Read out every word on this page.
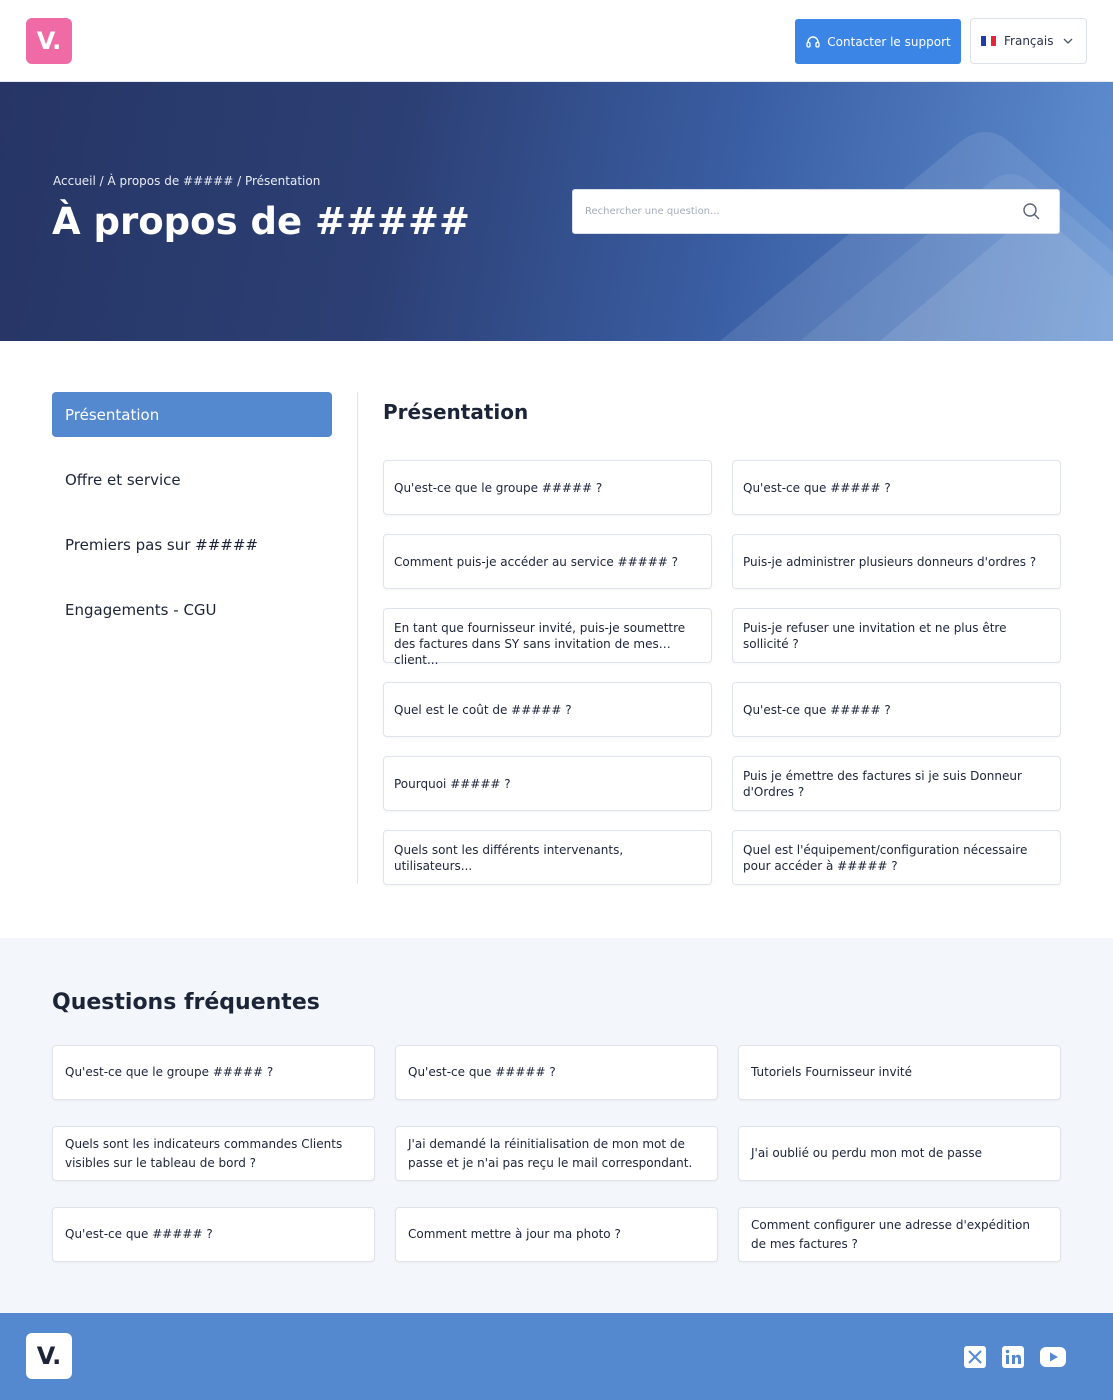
V.	Contacter le support	Français
Accueil / À propos de ##### / Présentation
À propos de #####
Rechercher une question...
Présentation
Offre et service
Premiers pas sur #####
Engagements - CGU
Présentation
Qu'est-ce que le groupe ##### ?	Qu'est-ce que ##### ?
Comment puis-je accéder au service ##### ?	Puis-je administrer plusieurs donneurs d'ordres ?
En tant que fournisseur invité, puis-je soumettre des factures dans SY sans invitation de mes client...
Puis-je refuser une invitation et ne plus être sollicité ?
Quel est le coût de ##### ?	Qu'est-ce que ##### ?
Pourquoi ##### ?
Puis je émettre des factures si je suis Donneur d'Ordres ?
Quels sont les différents intervenants, utilisateurs...
Quel est l'équipement/configuration nécessaire pour accéder à ##### ?
Questions fréquentes
Qu'est-ce que le groupe ##### ?	Qu'est-ce que ##### ?	Tutoriels Fournisseur invité
Quels sont les indicateurs commandes Clients visibles sur le tableau de bord ?
J'ai demandé la réinitialisation de mon mot de passe et je n'ai pas reçu le mail correspondant.
J'ai oublié ou perdu mon mot de passe
Qu'est-ce que ##### ?	Comment mettre à jour ma photo ?
Comment configurer une adresse d'expédition de mes factures ?
V.
